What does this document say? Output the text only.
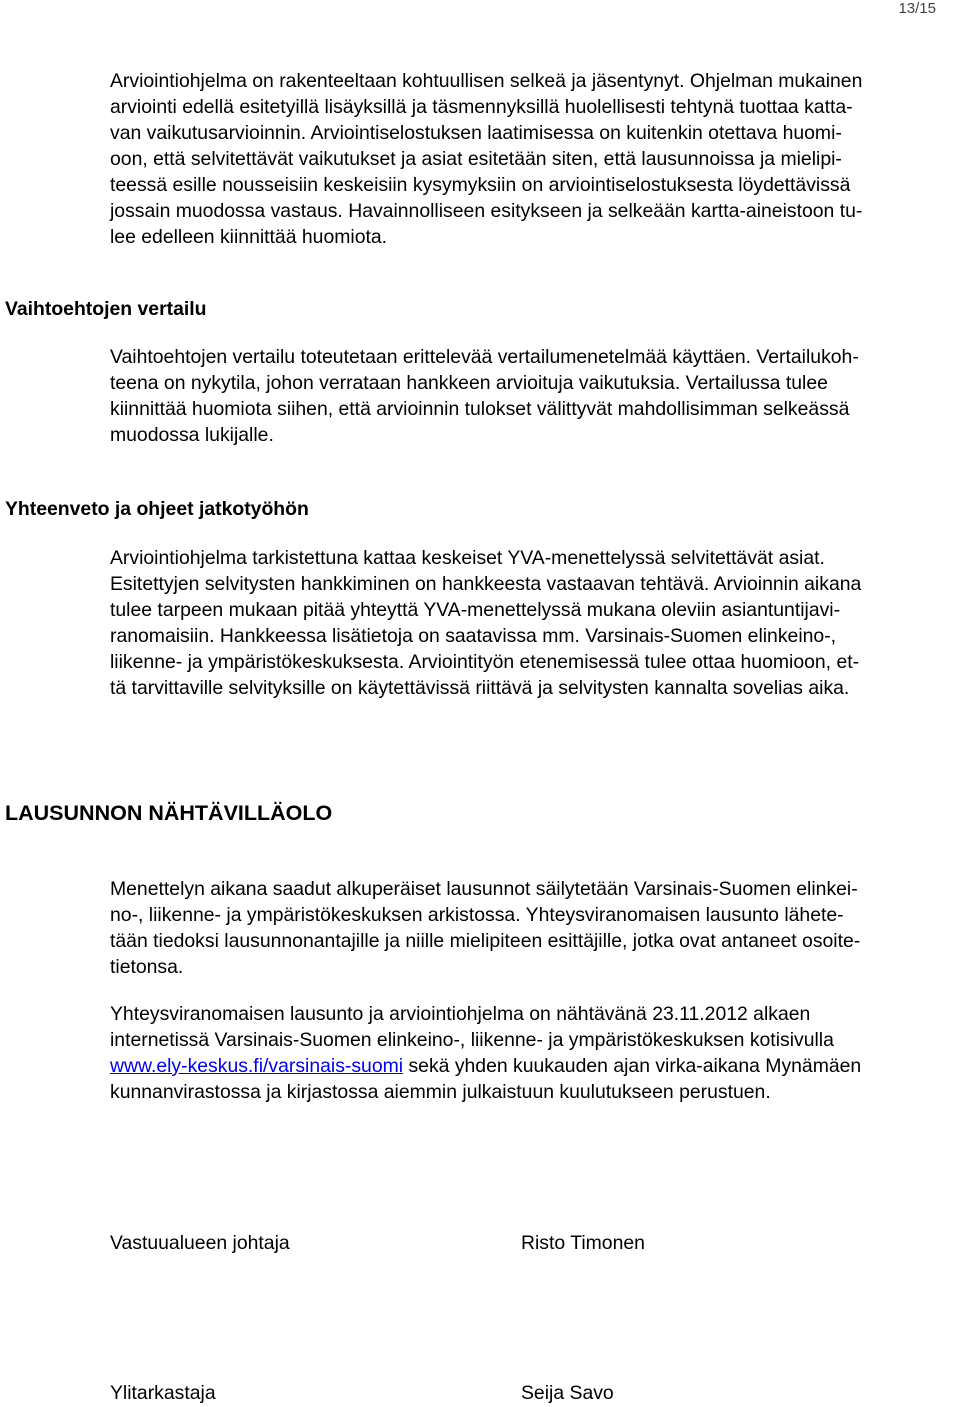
13/15

Arviointiohjelma on rakenteeltaan kohtuullisen selkeä ja jäsentynyt. Ohjelman mukainen
arviointi edellä esitetyillä lisäyksillä ja täsmennyksillä huolellisesti tehtynä tuottaa katta-
van vaikutusarvioinnin. Arviointiselostuksen laatimisessa on kuitenkin otettava huomi-
oon, että selvitettävät vaikutukset ja asiat esitetään siten, että lausunnoissa ja mielipi-
teessä esille nousseisiin keskeisiin kysymyksiin on arviointiselostuksesta löydettävissä
jossain muodossa vastaus. Havainnolliseen esitykseen ja selkeään kartta-aineistoon tu-
lee edelleen kiinnittää huomiota.

Vaihtoehtojen vertailu

Vaihtoehtojen vertailu toteutetaan erittelevää vertailumenetelmää käyttäen. Vertailukoh-
teena on nykytila, johon verrataan hankkeen arvioituja vaikutuksia. Vertailussa tulee
kiinnittää huomiota siihen, että arvioinnin tulokset välittyvät mahdollisimman selkeässä
muodossa lukijalle.

Yhteenveto ja ohjeet jatkotyöhön

Arviointiohjelma tarkistettuna kattaa keskeiset YVA-menettelyssä selvitettävät asiat.
Esitettyjen selvitysten hankkiminen on hankkeesta vastaavan tehtävä. Arvioinnin aikana
tulee tarpeen mukaan pitää yhteyttä YVA-menettelyssä mukana oleviin asiantuntijavi-
ranomaisiin. Hankkeessa lisätietoja on saatavissa mm. Varsinais-Suomen elinkeino-,
liikenne- ja ympäristökeskuksesta. Arviointityön etenemisessä tulee ottaa huomioon, et-
tä tarvittaville selvityksille on käytettävissä riittävä ja selvitysten kannalta sovelias aika.

LAUSUNNON NÄHTÄVILLÄOLO

Menettelyn aikana saadut alkuperäiset lausunnot säilytetään Varsinais-Suomen elinkei-
no-, liikenne- ja ympäristökeskuksen arkistossa. Yhteysviranomaisen lausunto lähete-
tään tiedoksi lausunnonantajille ja niille mielipiteen esittäjille, jotka ovat antaneet osoite-
tietonsa.

Yhteysviranomaisen lausunto ja arviointiohjelma on nähtävänä 23.11.2012 alkaen
internetissä Varsinais-Suomen elinkeino-, liikenne- ja ympäristökeskuksen kotisivulla
www.ely-keskus.fi/varsinais-suomi sekä yhden kuukauden ajan virka-aikana Mynämäen
kunnanvirastossa ja kirjastossa aiemmin julkaistuun kuulutukseen perustuen.

Vastuualueen johtaja	Risto Timonen
Ylitarkastaja	Seija Savo
